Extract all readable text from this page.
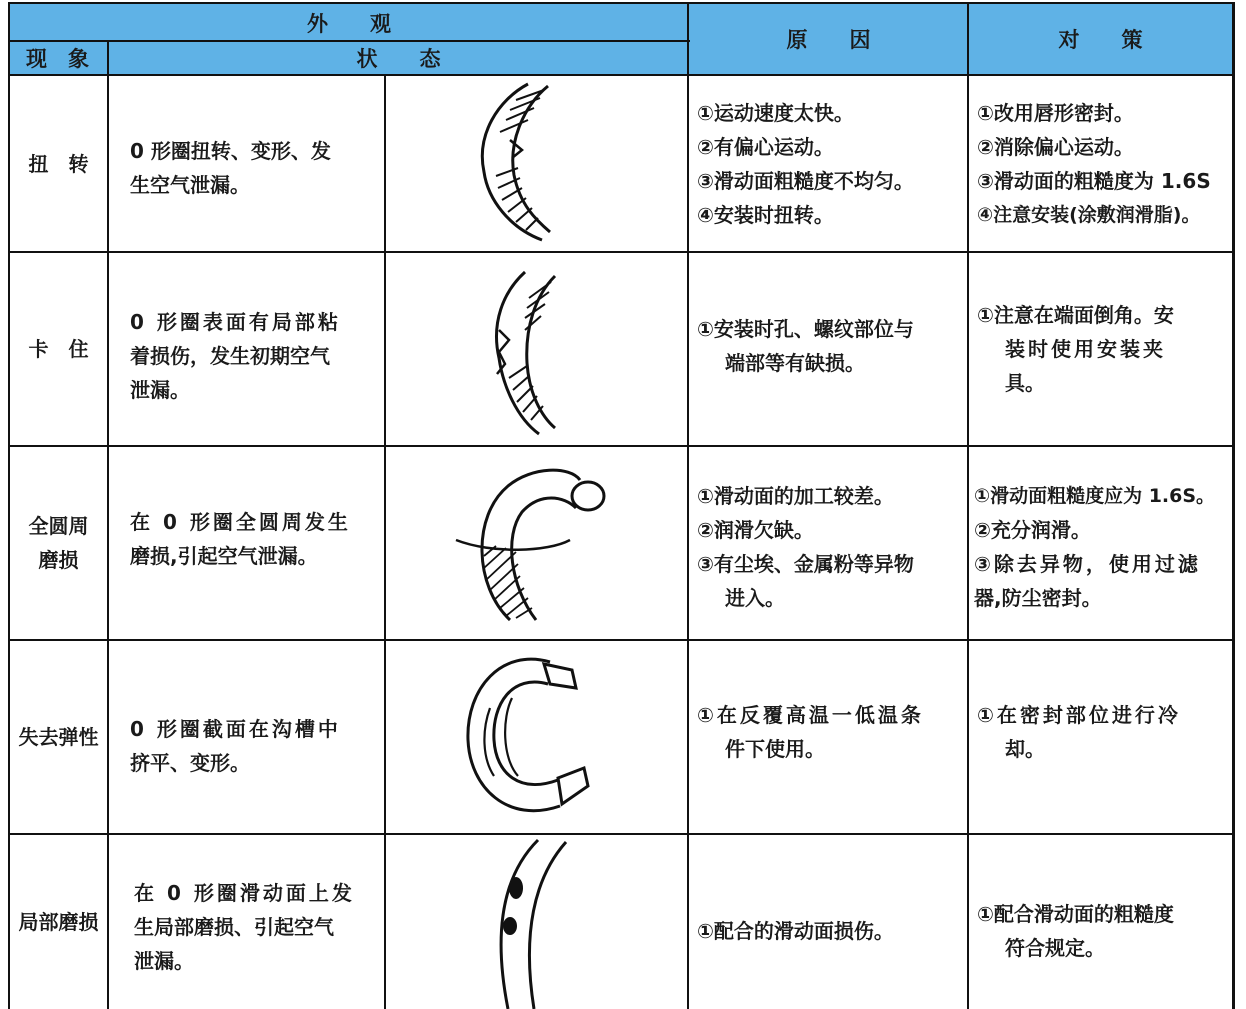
外　　观
现　象	状　　态
原　　因	对　　策
扭　转
0 形圈扭转、变形、发
生空气泄漏。
①运动速度太快。
②有偏心运动。
③滑动面粗糙度不均匀。
④安装时扭转。
①改用唇形密封。
②消除偏心运动。
③滑动面的粗糙度为 1.6S
④注意安装(涂敷润滑脂)。
卡　住
0 形圈表面有局部粘
着损伤，发生初期空气
泄漏。
①安装时孔、螺纹部位与
端部等有缺损。
①注意在端面倒角。安
装时使用安装夹
具。
全圆周
磨损
在 0 形圈全圆周发生
磨损,引起空气泄漏。
①滑动面的加工较差。
②润滑欠缺。
③有尘埃、金属粉等异物
进入。
①滑动面粗糙度应为 1.6S。
②充分润滑。
③除去异物，使用过滤
器,防尘密封。
失去弹性 0 形圈截面在沟槽中
挤平、变形。
①在反覆高温一低温条
件下使用。
①在密封部位进行冷
却。
局部磨损
在 0 形圈滑动面上发
生局部磨损、引起空气
泄漏。
①配合的滑动面损伤。
①配合滑动面的粗糙度
符合规定。
